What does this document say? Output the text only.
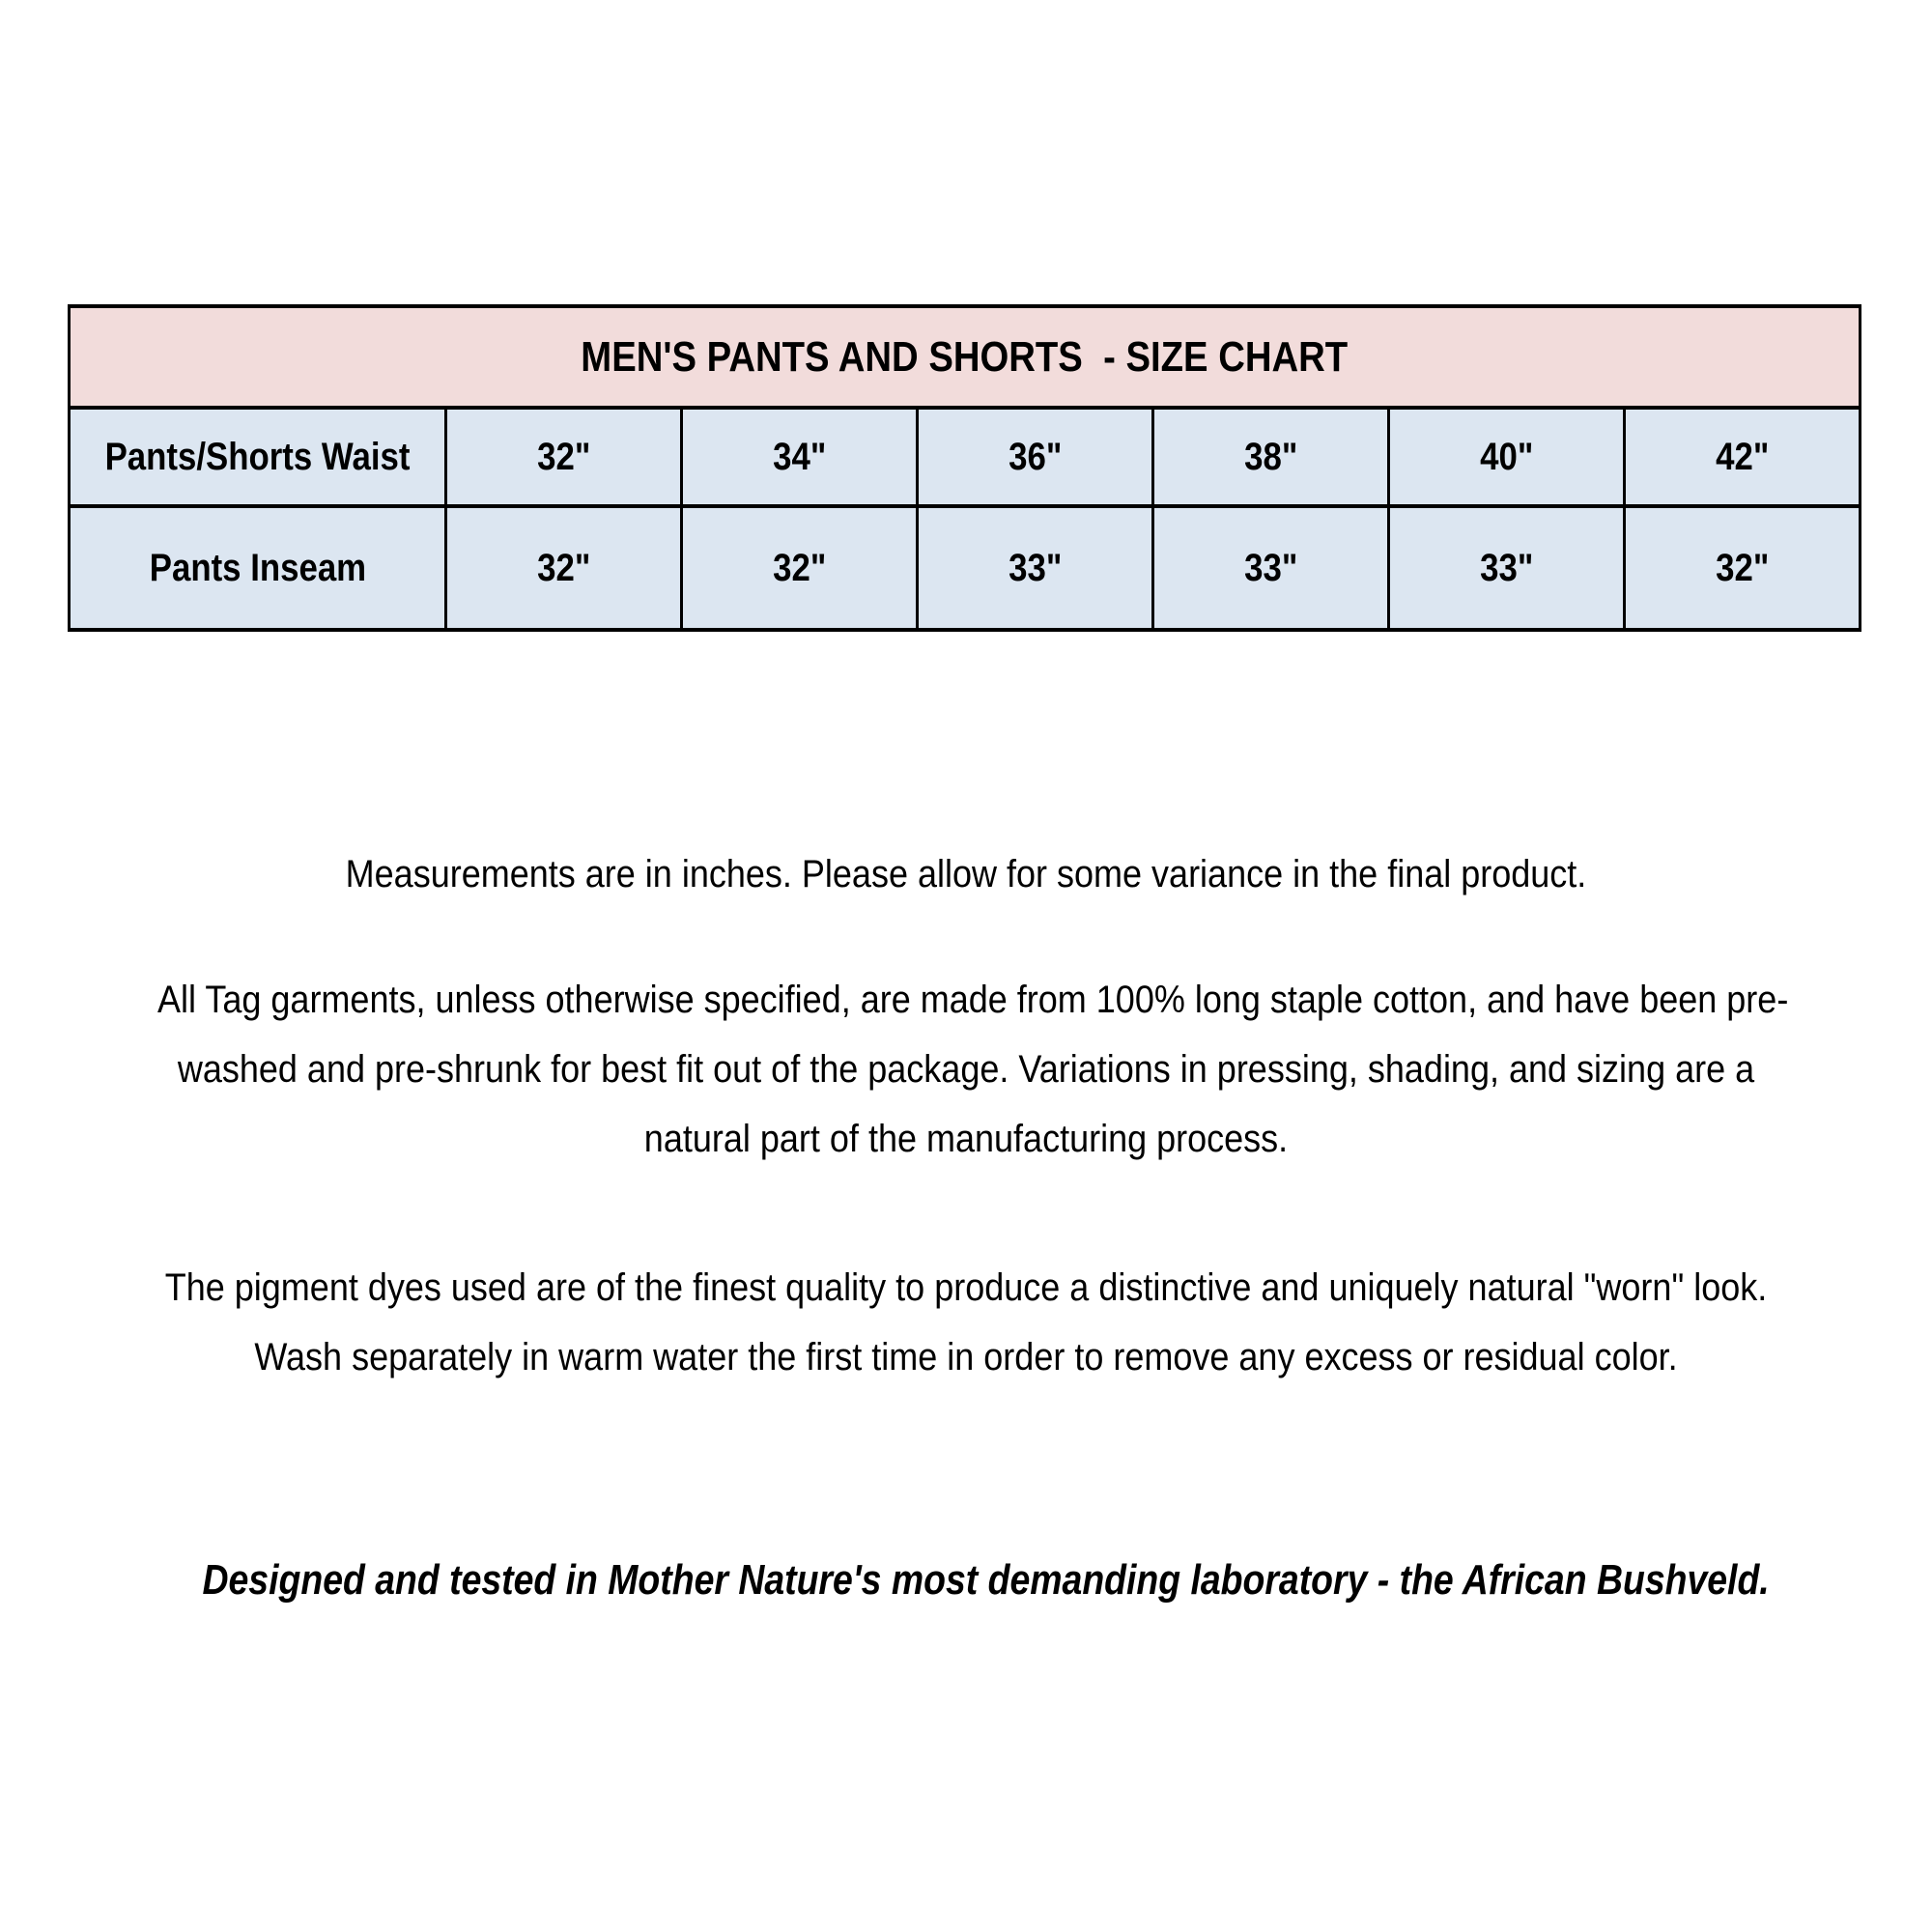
MEN'S PANTS AND SHORTS  - SIZE CHART						
Pants/Shorts Waist	32"	34"	36"	38"	40"	42"
Pants Inseam	32"	32"	33"	33"	33"	32"
Measurements are in inches. Please allow for some variance in the final product.
All Tag garments, unless otherwise specified, are made from 100% long staple cotton, and have been pre-
washed and pre-shrunk for best fit out of the package. Variations in pressing, shading, and sizing are a
natural part of the manufacturing process.
The pigment dyes used are of the finest quality to produce a distinctive and uniquely natural "worn" look.
Wash separately in warm water the first time in order to remove any excess or residual color.
Designed and tested in Mother Nature's most demanding laboratory - the African Bushveld.
